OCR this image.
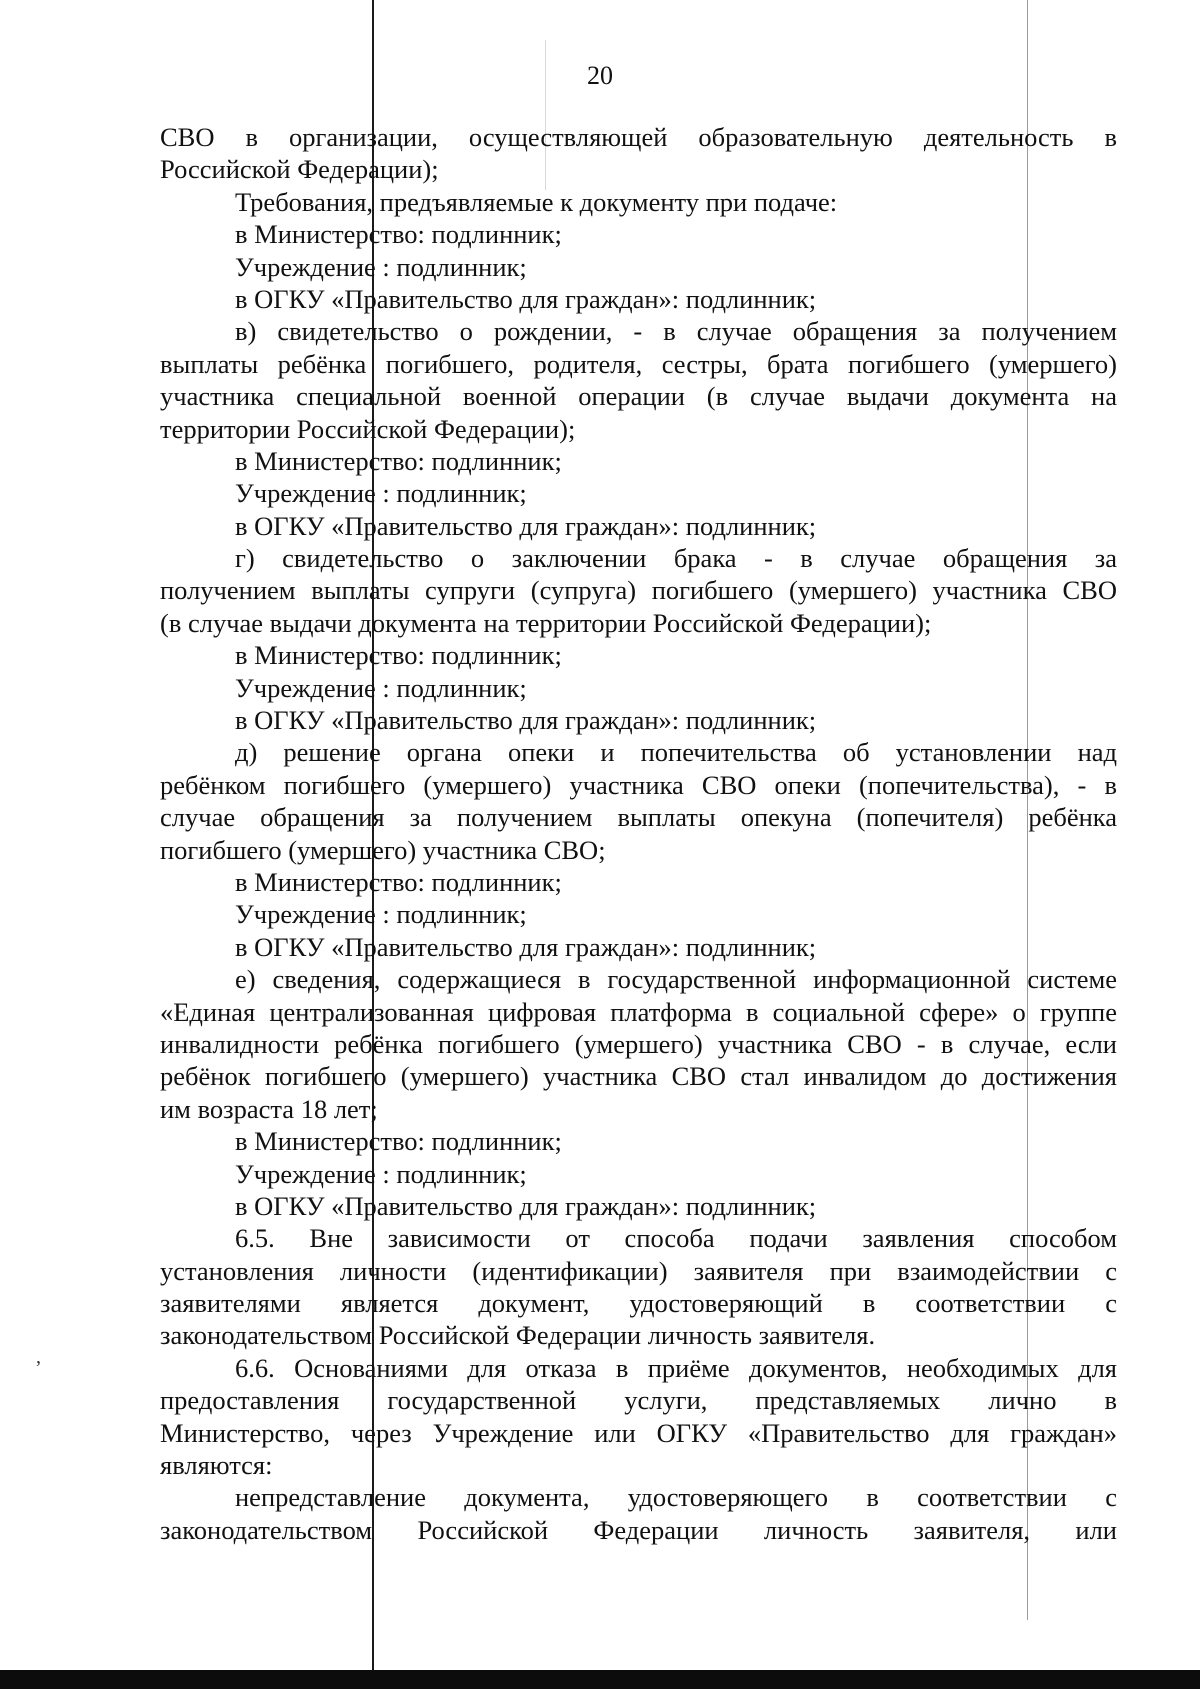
20
СВО в организации, осуществляющей образовательную деятельность в
Российской Федерации);
Требования, предъявляемые к документу при подаче:
в Министерство: подлинник;
Учреждение : подлинник;
в ОГКУ «Правительство для граждан»: подлинник;
в) свидетельство о рождении, - в случае обращения за получением
выплаты ребёнка погибшего, родителя, сестры, брата погибшего (умершего)
участника специальной военной операции (в случае выдачи документа на
территории Российской Федерации);
в Министерство: подлинник;
Учреждение : подлинник;
в ОГКУ «Правительство для граждан»: подлинник;
г) свидетельство о заключении брака - в случае обращения за
получением выплаты супруги (супруга) погибшего (умершего) участника СВО
(в случае выдачи документа на территории Российской Федерации);
в Министерство: подлинник;
Учреждение : подлинник;
в ОГКУ «Правительство для граждан»: подлинник;
д) решение органа опеки и попечительства об установлении над
ребёнком погибшего (умершего) участника СВО опеки (попечительства), - в
случае обращения за получением выплаты опекуна (попечителя) ребёнка
погибшего (умершего) участника СВО;
в Министерство: подлинник;
Учреждение : подлинник;
в ОГКУ «Правительство для граждан»: подлинник;
е) сведения, содержащиеся в государственной информационной системе
«Единая централизованная цифровая платформа в социальной сфере» о группе
инвалидности ребёнка погибшего (умершего) участника СВО - в случае, если
ребёнок погибшего (умершего) участника СВО стал инвалидом до достижения
им возраста 18 лет;
в Министерство: подлинник;
Учреждение : подлинник;
в ОГКУ «Правительство для граждан»: подлинник;
6.5. Вне зависимости от способа подачи заявления способом
установления личности (идентификации) заявителя при взаимодействии с
заявителями является документ, удостоверяющий в соответствии с
законодательством Российской Федерации личность заявителя.
6.6. Основаниями для отказа в приёме документов, необходимых для
предоставления государственной услуги, представляемых лично в
Министерство, через Учреждение или ОГКУ «Правительство для граждан»
являются:
непредставление документа, удостоверяющего в соответствии с
законодательством Российской Федерации личность заявителя, или
,
